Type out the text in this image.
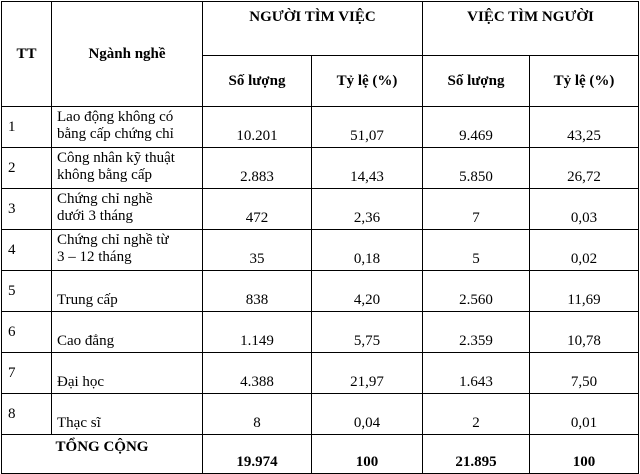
TT	Ngành nghề	NGƯỜI TÌM VIỆC		VIỆC TÌM NGƯỜI	
		Số lượng	Tỷ lệ (%)	Số lượng	Tỷ lệ (%)
1	Lao động không có
bằng cấp chứng chỉ	10.201	51,07	9.469	43,25
2	Công nhân kỹ thuật
không bằng cấp	2.883	14,43	5.850	26,72
3	Chứng chỉ nghề
dưới 3 tháng	472	2,36	7	0,03
4	Chứng chỉ nghề từ
3 – 12 tháng	35	0,18	5	0,02
5	Trung cấp	838	4,20	2.560	11,69
6	Cao đẳng	1.149	5,75	2.359	10,78
7	Đại học	4.388	21,97	1.643	7,50
8	Thạc sĩ	8	0,04	2	0,01
TỔNG CỘNG		19.974	100	21.895	100
